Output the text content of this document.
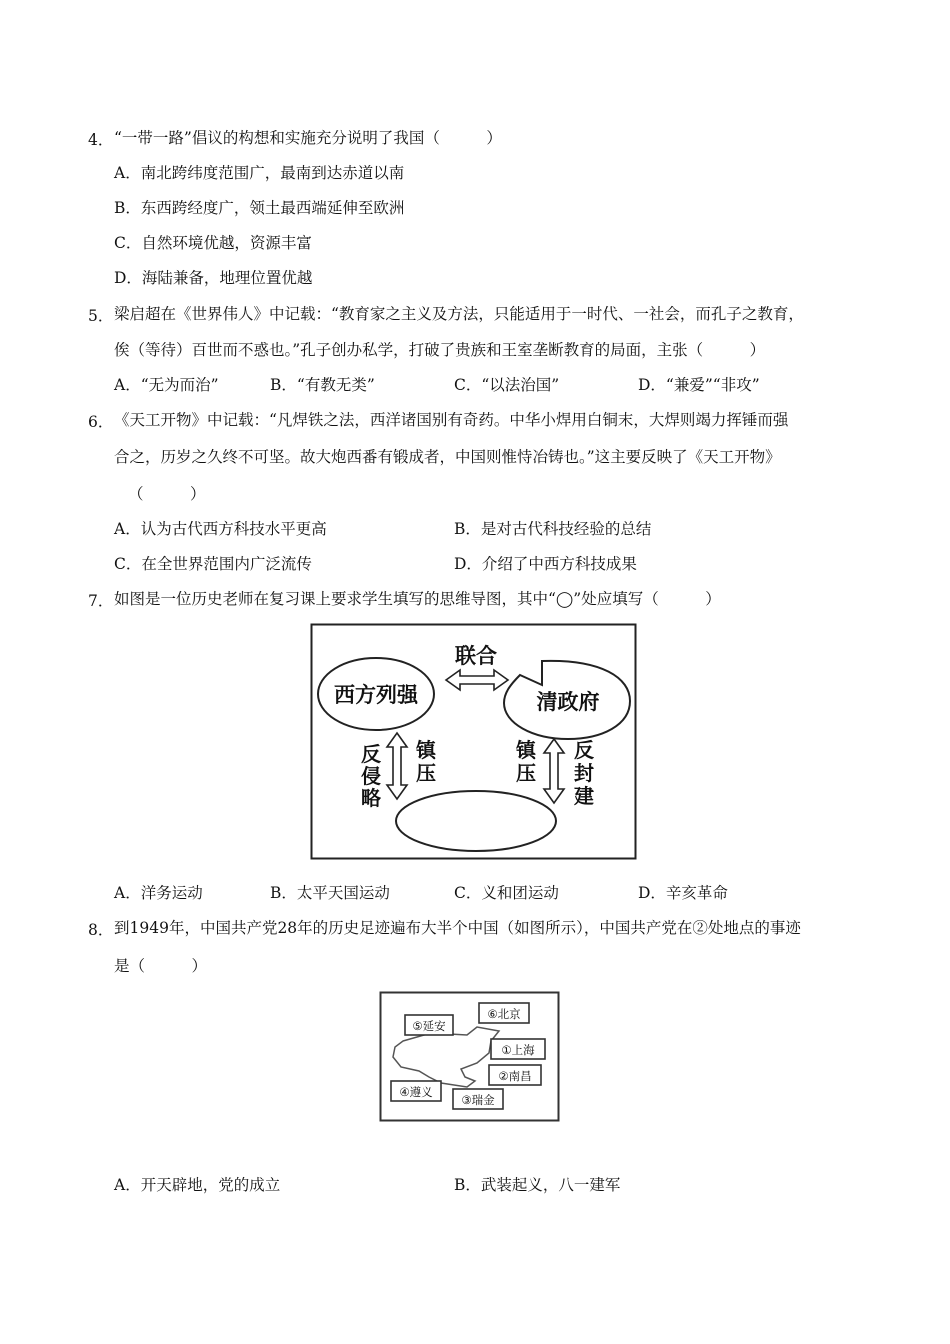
4． “一带一路”倡议的构想和实施充分说明了我国（　　　）
A．南北跨纬度范围广，最南到达赤道以南
B．东西跨经度广，领土最西端延伸至欧洲
C．自然环境优越，资源丰富
D．海陆兼备，地理位置优越
5． 梁启超在《世界伟人》中记载：“教育家之主义及方法，只能适用于一时代、一社会，而孔子之教育，
俟（等待）百世而不惑也。”孔子创办私学，打破了贵族和王室垄断教育的局面，主张（　　　）
A．“无为而治”	B．“有教无类”	C．“以法治国”	D．“兼爱”“非攻”
6． 《天工开物》中记载：“凡焊铁之法，西洋诸国别有奇药。中华小焊用白铜末，大焊则竭力挥锤而强
合之，历岁之久终不可坚。故大炮西番有锻成者，中国则惟恃冶铸也。”这主要反映了《天工开物》
（　　　）
A．认为古代西方科技水平更高	B．是对古代科技经验的总结
C．在全世界范围内广泛流传	D．介绍了中西方科技成果
7． 如图是一位历史老师在复习课上要求学生填写的思维导图，其中“◯”处应填写（　　　）
西方列强	清政府
联合
反
侵
略
镇
压
镇
压
反
封
建
A．洋务运动	B．太平天国运动	C．义和团运动	D．辛亥革命
8． 到1949年，中国共产党28年的历史足迹遍布大半个中国（如图所示），中国共产党在②处地点的事迹
是（　　　）
⑤延安
⑥北京
①上海
②南昌
④遵义
③瑞金
A．开天辟地，党的成立	B．武装起义，八一建军
